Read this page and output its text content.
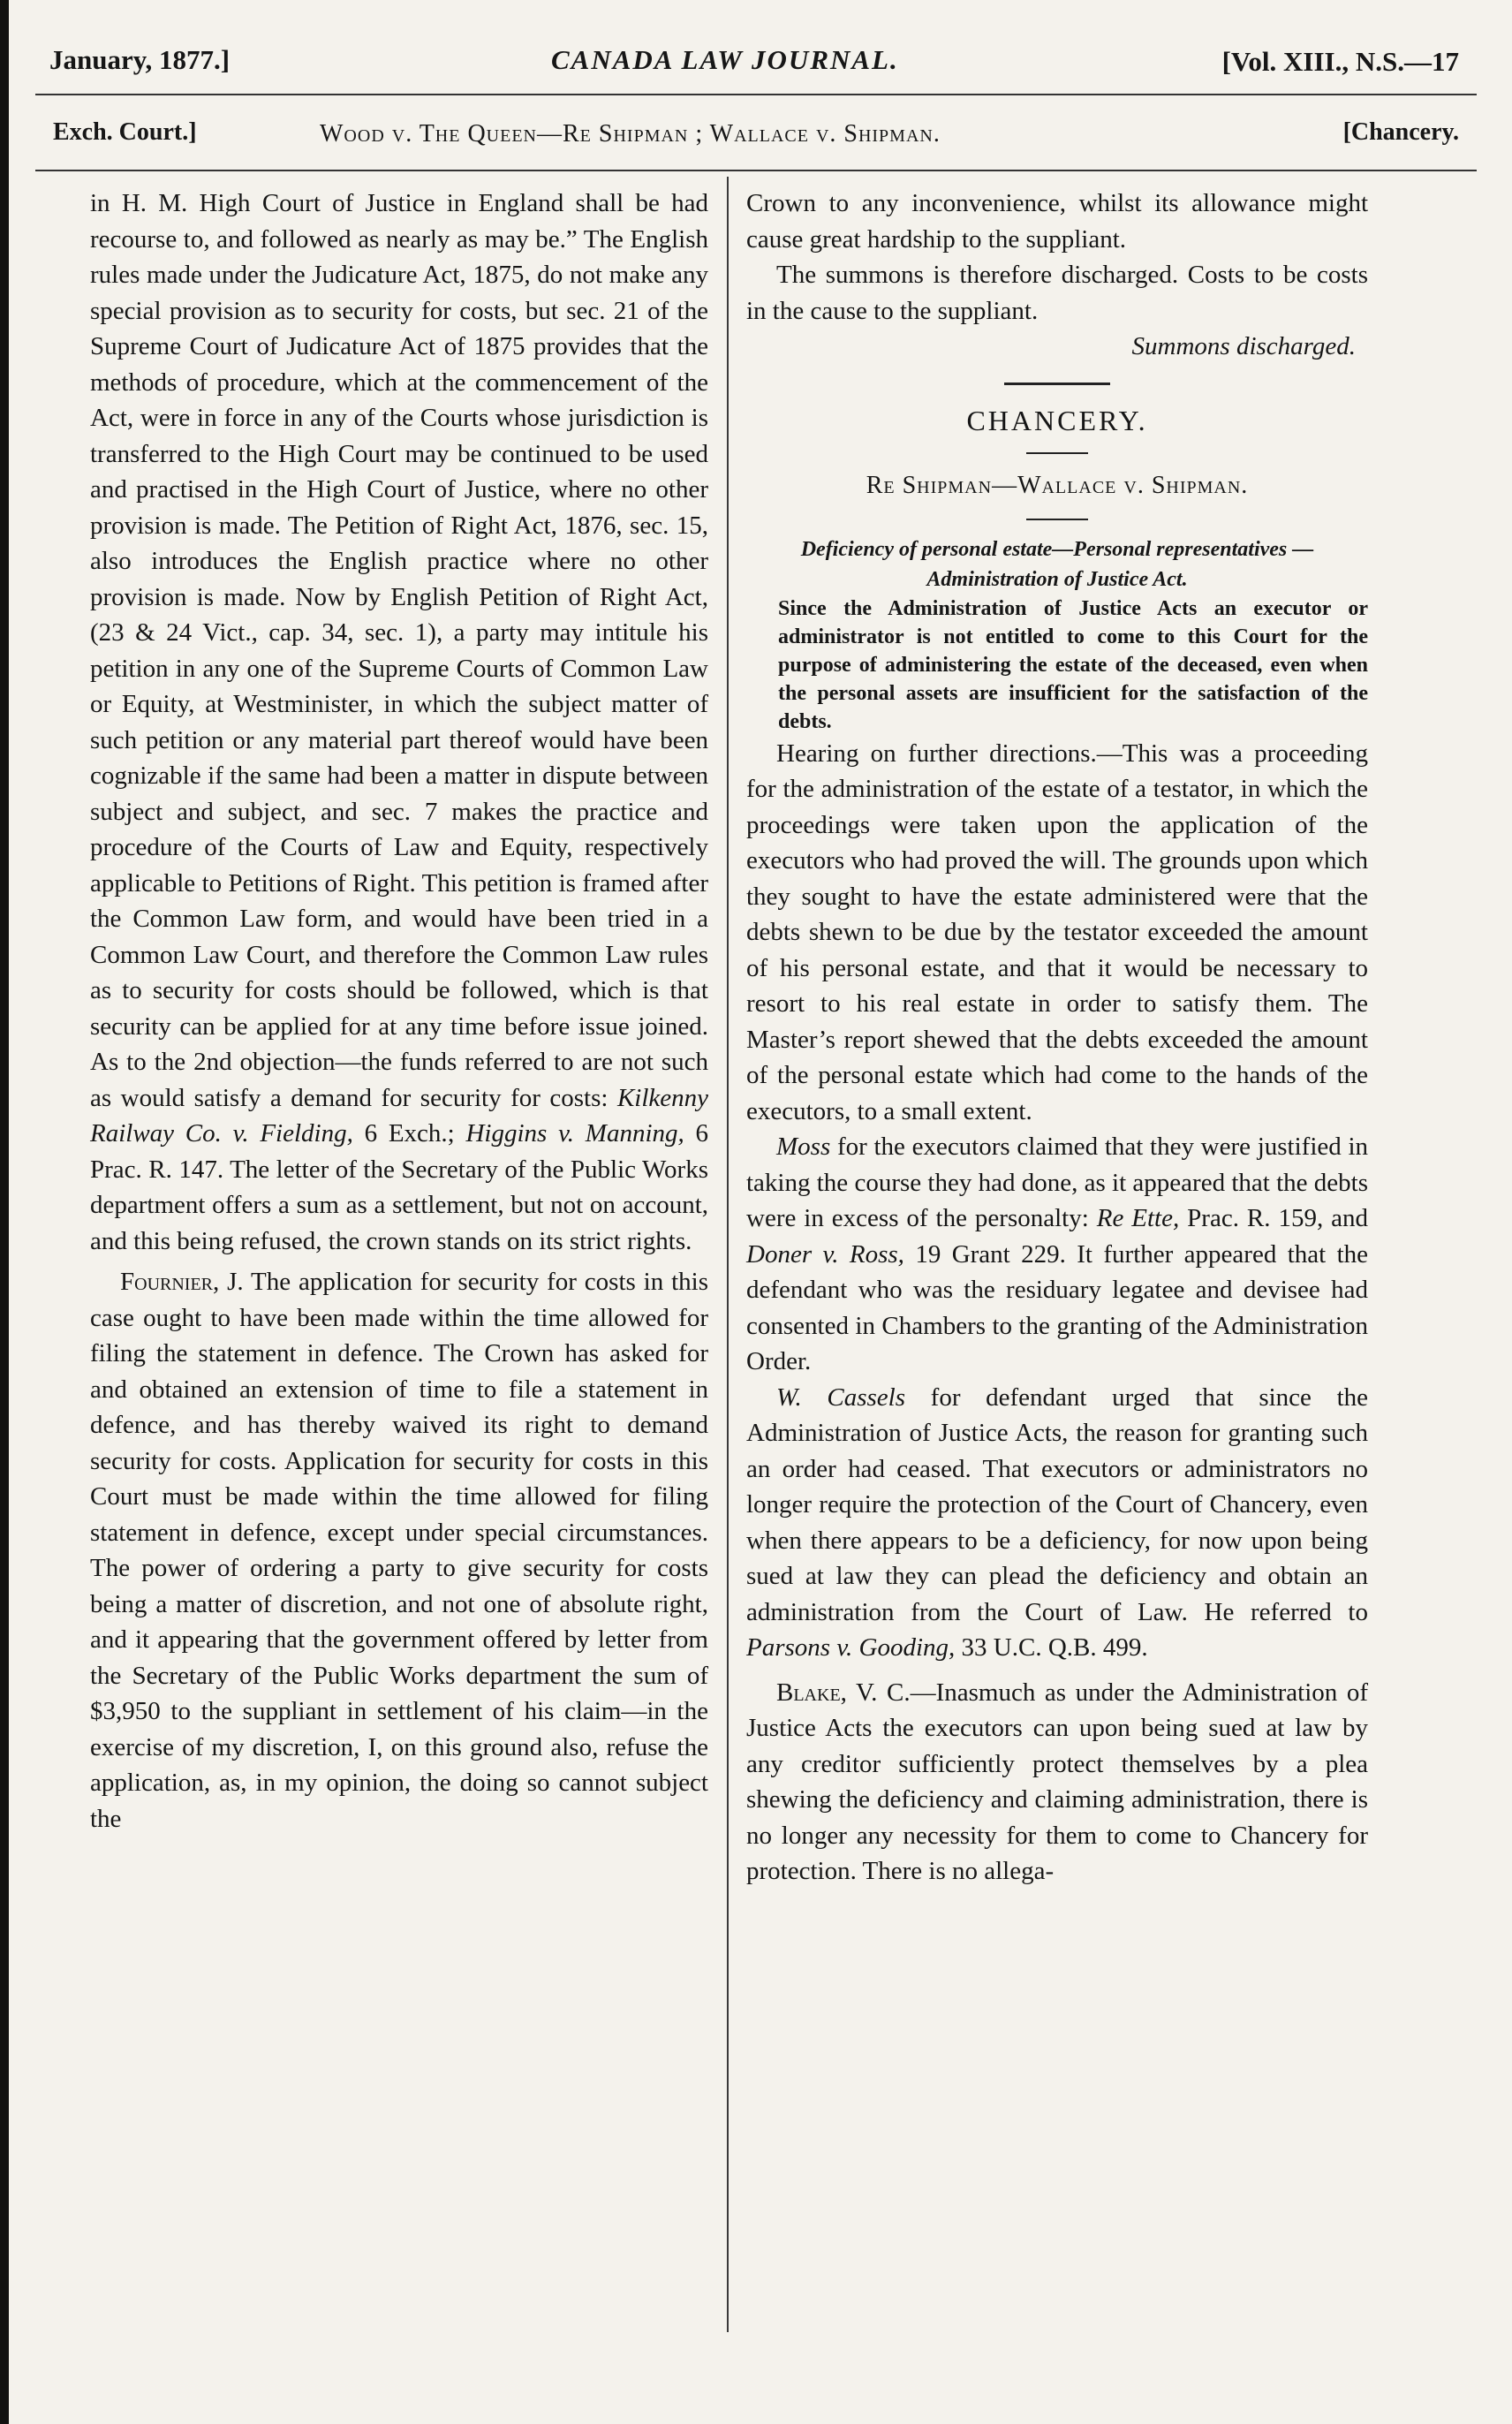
January, 1877.]	CANADA LAW JOURNAL.	[Vol. XIII., N.S.—17
Exch. Court.]	Wood v. The Queen—Re Shipman ; Wallace v. Shipman.	[Chancery.

in H. M. High Court of Justice in England shall be had recourse to, and followed as nearly as may be.” The English rules made under the Judicature Act, 1875, do not make any special provision as to security for costs, but sec. 21 of the Supreme Court of Judicature Act of 1875 provides that the methods of procedure, which at the commencement of the Act, were in force in any of the Courts whose jurisdiction is transferred to the High Court may be continued to be used and practised in the High Court of Justice, where no other provision is made. The Petition of Right Act, 1876, sec. 15, also introduces the English practice where no other provision is made. Now by English Petition of Right Act, (23 & 24 Vict., cap. 34, sec. 1), a party may intitule his petition in any one of the Supreme Courts of Common Law or Equity, at Westminister, in which the subject matter of such petition or any material part thereof would have been cognizable if the same had been a matter in dispute between subject and subject, and sec. 7 makes the practice and procedure of the Courts of Law and Equity, respectively applicable to Petitions of Right. This petition is framed after the Common Law form, and would have been tried in a Common Law Court, and therefore the Common Law rules as to security for costs should be followed, which is that security can be applied for at any time before issue joined. As to the 2nd objection—the funds referred to are not such as would satisfy a demand for security for costs: Kilkenny Railway Co. v. Fielding, 6 Exch.; Higgins v. Manning, 6 Prac. R. 147. The letter of the Secretary of the Public Works department offers a sum as a settlement, but not on account, and this being refused, the crown stands on its strict rights.

Fournier, J. The application for security for costs in this case ought to have been made within the time allowed for filing the statement in defence. The Crown has asked for and obtained an extension of time to file a statement in defence, and has thereby waived its right to demand security for costs. Application for security for costs in this Court must be made within the time allowed for filing statement in defence, except under special circumstances. The power of ordering a party to give security for costs being a matter of discretion, and not one of absolute right, and it appearing that the government offered by letter from the Secretary of the Public Works department the sum of $3,950 to the suppliant in settlement of his claim—in the exercise of my discretion, I, on this ground also, refuse the application, as, in my opinion, the doing so cannot subject the

Crown to any inconvenience, whilst its allowance might cause great hardship to the suppliant.

The summons is therefore discharged. Costs to be costs in the cause to the suppliant.

Summons discharged.

CHANCERY.

Re Shipman—Wallace v. Shipman.

Deficiency of personal estate—Personal representatives —Administration of Justice Act.

Since the Administration of Justice Acts an executor or administrator is not entitled to come to this Court for the purpose of administering the estate of the deceased, even when the personal assets are insufficient for the satisfaction of the debts.

Hearing on further directions.—This was a proceeding for the administration of the estate of a testator, in which the proceedings were taken upon the application of the executors who had proved the will. The grounds upon which they sought to have the estate administered were that the debts shewn to be due by the testator exceeded the amount of his personal estate, and that it would be necessary to resort to his real estate in order to satisfy them. The Master’s report shewed that the debts exceeded the amount of the personal estate which had come to the hands of the executors, to a small extent.

Moss for the executors claimed that they were justified in taking the course they had done, as it appeared that the debts were in excess of the personalty: Re Ette, Prac. R. 159, and Doner v. Ross, 19 Grant 229. It further appeared that the defendant who was the residuary legatee and devisee had consented in Chambers to the granting of the Administration Order.

W. Cassels for defendant urged that since the Administration of Justice Acts, the reason for granting such an order had ceased. That executors or administrators no longer require the protection of the Court of Chancery, even when there appears to be a deficiency, for now upon being sued at law they can plead the deficiency and obtain an administration from the Court of Law. He referred to Parsons v. Gooding, 33 U.C. Q.B. 499.

Blake, V. C.—Inasmuch as under the Administration of Justice Acts the executors can upon being sued at law by any creditor sufficiently protect themselves by a plea shewing the deficiency and claiming administration, there is no longer any necessity for them to come to Chancery for protection. There is no allega-
